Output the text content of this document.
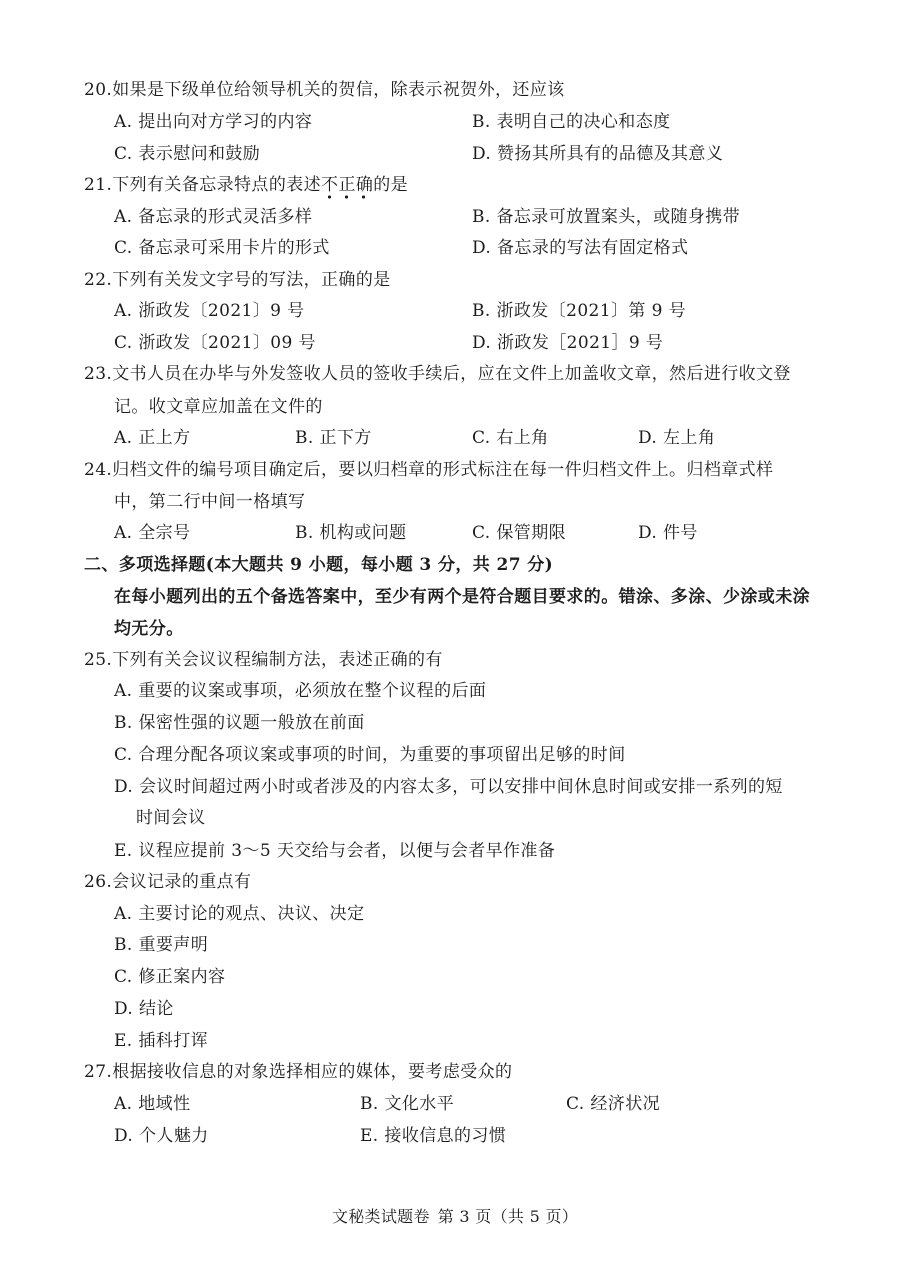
20.如果是下级单位给领导机关的贺信，除表示祝贺外，还应该
A. 提出向对方学习的内容	B. 表明自己的决心和态度
C. 表示慰问和鼓励	D. 赞扬其所具有的品德及其意义
21.下列有关备忘录特点的表述不正确的是
A. 备忘录的形式灵活多样	B. 备忘录可放置案头，或随身携带
C. 备忘录可采用卡片的形式	D. 备忘录的写法有固定格式
22.下列有关发文字号的写法，正确的是
A. 浙政发〔2021〕9 号	B. 浙政发〔2021〕第 9 号
C. 浙政发〔2021〕09 号	D. 浙政发［2021］9 号
23.文书人员在办毕与外发签收人员的签收手续后，应在文件上加盖收文章，然后进行收文登
记。收文章应加盖在文件的
A. 正上方	B. 正下方	C. 右上角	D. 左上角
24.归档文件的编号项目确定后，要以归档章的形式标注在每一件归档文件上。归档章式样
中，第二行中间一格填写
A. 全宗号	B. 机构或问题	C. 保管期限	D. 件号
二、多项选择题(本大题共 9 小题，每小题 3 分，共 27 分)
在每小题列出的五个备选答案中，至少有两个是符合题目要求的。错涂、多涂、少涂或未涂
均无分。
25.下列有关会议议程编制方法，表述正确的有
A. 重要的议案或事项，必须放在整个议程的后面
B. 保密性强的议题一般放在前面
C. 合理分配各项议案或事项的时间，为重要的事项留出足够的时间
D. 会议时间超过两小时或者涉及的内容太多，可以安排中间休息时间或安排一系列的短
时间会议
E. 议程应提前 3～5 天交给与会者，以便与会者早作准备
26.会议记录的重点有
A. 主要讨论的观点、决议、决定
B. 重要声明
C. 修正案内容
D. 结论
E. 插科打诨
27.根据接收信息的对象选择相应的媒体，要考虑受众的
A. 地域性	B. 文化水平	C. 经济状况
D. 个人魅力	E. 接收信息的习惯
文秘类试题卷 第 3 页（共 5 页）
